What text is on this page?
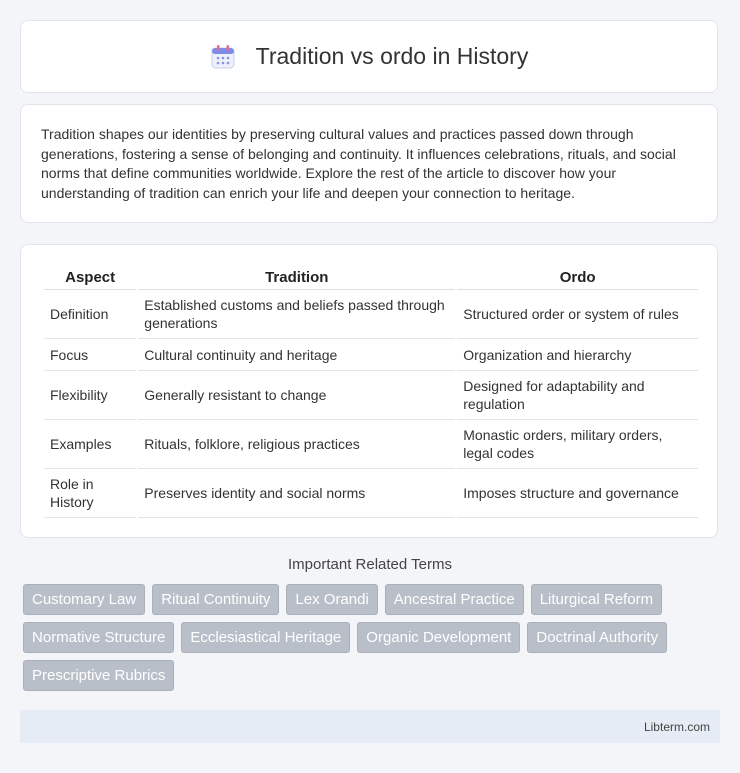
Tradition vs ordo in History

Tradition shapes our identities by preserving cultural values and practices passed down through generations, fostering a sense of belonging and continuity. It influences celebrations, rituals, and social norms that define communities worldwide. Explore the rest of the article to discover how your understanding of tradition can enrich your life and deepen your connection to heritage.

Aspect	Tradition	Ordo
Definition	Established customs and beliefs passed through generations	Structured order or system of rules
Focus	Cultural continuity and heritage	Organization and hierarchy
Flexibility	Generally resistant to change	Designed for adaptability and regulation
Examples	Rituals, folklore, religious practices	Monastic orders, military orders, legal codes
Role in History	Preserves identity and social norms	Imposes structure and governance
Important Related Terms
Customary Law	Ritual Continuity	Lex Orandi	Ancestral Practice	Liturgical Reform
Normative Structure	Ecclesiastical Heritage	Organic Development	Doctrinal Authority
Prescriptive Rubrics
Libterm.com
